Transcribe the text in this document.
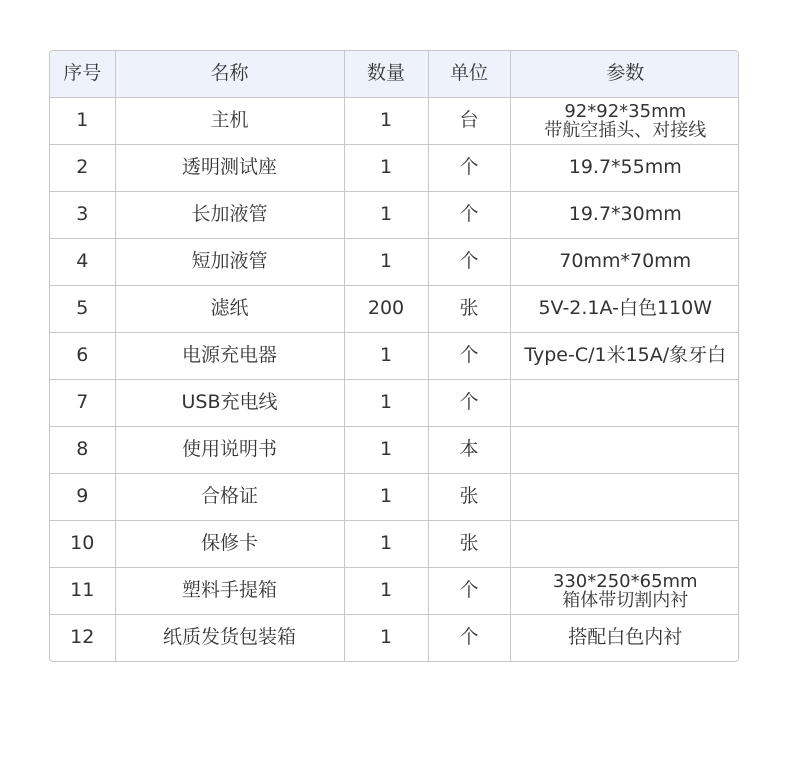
序号	名称	数量	单位	参数
1	主机	1	台	92*92*35mm
带航空插头、对接线

2	透明测试座	1	个	19.7*55mm

3	长加液管	1	个	19.7*30mm

4	短加液管	1	个	70mm*70mm

5	滤纸	200	张	5V-2.1A-白色110W

6	电源充电器	1	个	Type-C/1米15A/象牙白

7	USB充电线	1	个	

8	使用说明书	1	本	

9	合格证	1	张	

10	保修卡	1	张	

11	塑料手提箱	1	个	330*250*65mm
箱体带切割内衬

12	纸质发货包装箱	1	个	搭配白色内衬
